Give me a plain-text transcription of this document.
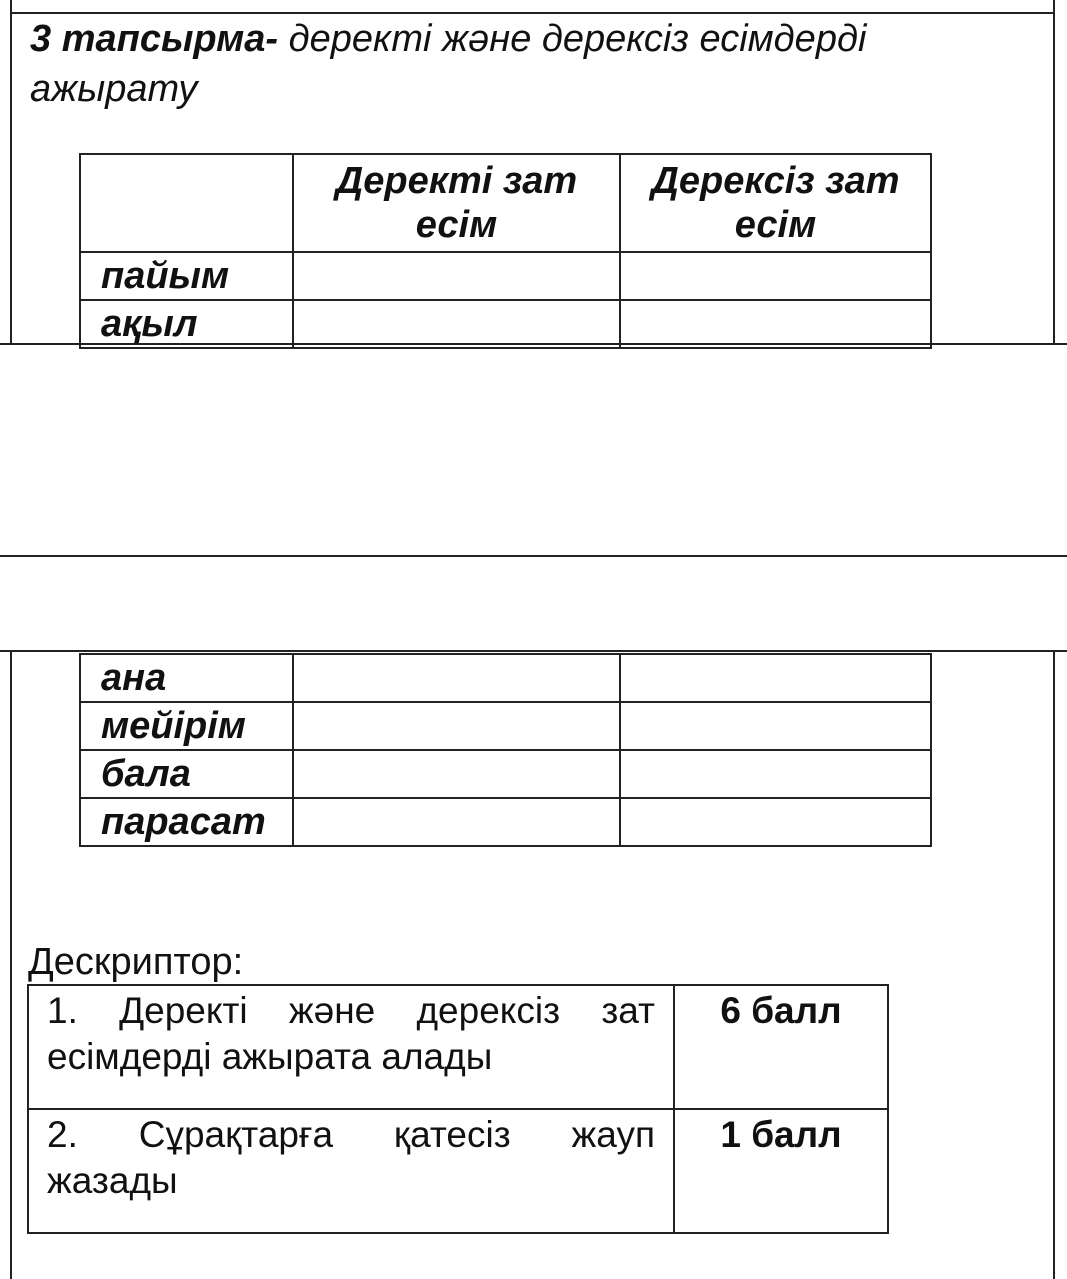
3 тапсырма- деректі және дерексіз есімдерді
ажырату
	Деректі зат есім	Дерексіз зат есім
пайым		
ақыл		
ана		
мейірім		
бала		
парасат		
Дескриптор:
1. Деректі және дерексіз зат
есімдерді ажырата алады	6 балл
2. Сұрақтарға қатесіз жауп
жазады	1 балл
